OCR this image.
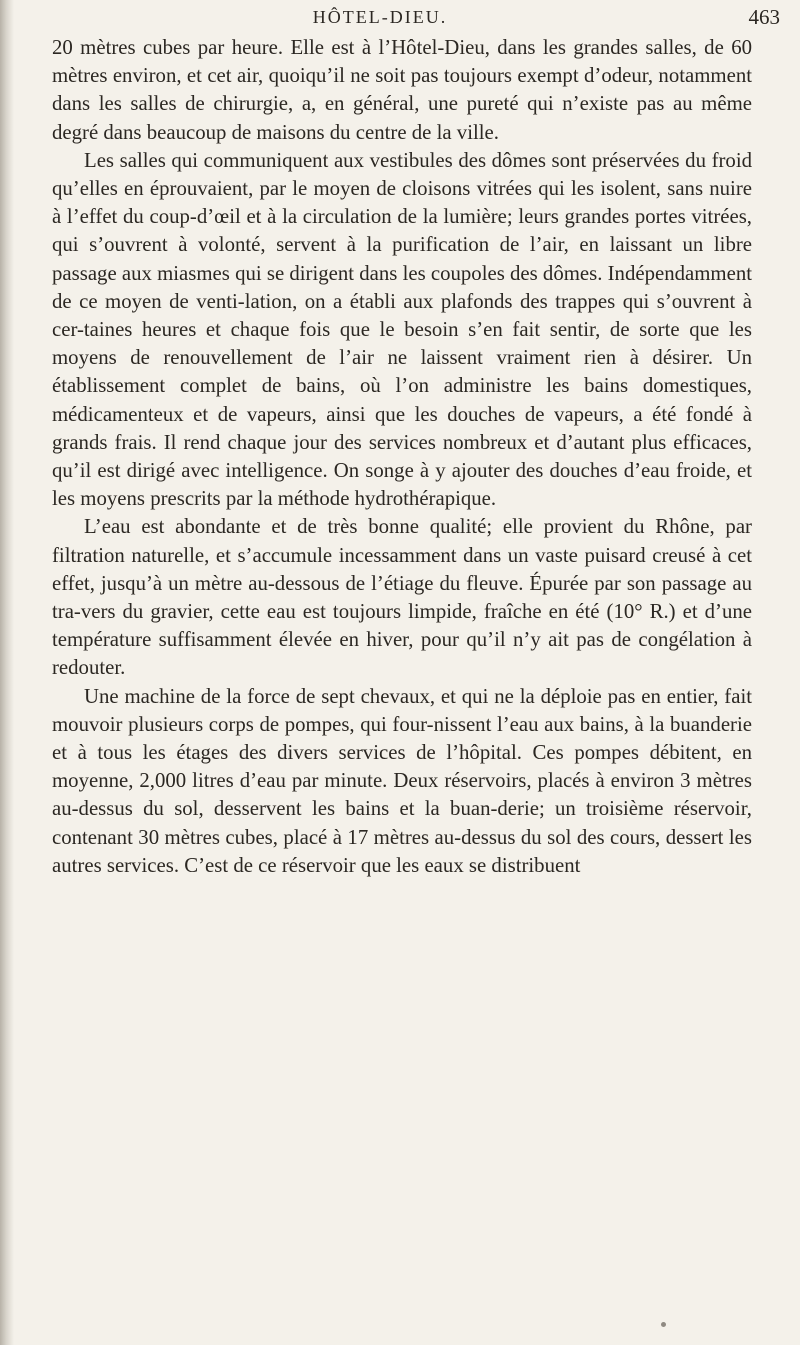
HÔTEL-DIEU.	463

20 mètres cubes par heure. Elle est à l’Hôtel-Dieu, dans les grandes salles, de 60 mètres environ, et cet air, quoiqu’il ne soit pas toujours exempt d’odeur, notamment dans les salles de chirurgie, a, en général, une pureté qui n’existe pas au même degré dans beaucoup de maisons du centre de la ville.

Les salles qui communiquent aux vestibules des dômes sont préservées du froid qu’elles en éprouvaient, par le moyen de cloisons vitrées qui les isolent, sans nuire à l’effet du coup-d’œil et à la circulation de la lumière; leurs grandes portes vitrées, qui s’ouvrent à volonté, servent à la purification de l’air, en laissant un libre passage aux miasmes qui se dirigent dans les coupoles des dômes. Indépendamment de ce moyen de venti-lation, on a établi aux plafonds des trappes qui s’ouvrent à cer-taines heures et chaque fois que le besoin s’en fait sentir, de sorte que les moyens de renouvellement de l’air ne laissent vraiment rien à désirer. Un établissement complet de bains, où l’on administre les bains domestiques, médicamenteux et de vapeurs, ainsi que les douches de vapeurs, a été fondé à grands frais. Il rend chaque jour des services nombreux et d’autant plus efficaces, qu’il est dirigé avec intelligence. On songe à y ajouter des douches d’eau froide, et les moyens prescrits par la méthode hydrothérapique.

L’eau est abondante et de très bonne qualité; elle provient du Rhône, par filtration naturelle, et s’accumule incessamment dans un vaste puisard creusé à cet effet, jusqu’à un mètre au-dessous de l’étiage du fleuve. Épurée par son passage au tra-vers du gravier, cette eau est toujours limpide, fraîche en été (10° R.) et d’une température suffisamment élevée en hiver, pour qu’il n’y ait pas de congélation à redouter.

Une machine de la force de sept chevaux, et qui ne la déploie pas en entier, fait mouvoir plusieurs corps de pompes, qui four-nissent l’eau aux bains, à la buanderie et à tous les étages des divers services de l’hôpital. Ces pompes débitent, en moyenne, 2,000 litres d’eau par minute. Deux réservoirs, placés à environ 3 mètres au-dessus du sol, desservent les bains et la buan-derie; un troisième réservoir, contenant 30 mètres cubes, placé à 17 mètres au-dessus du sol des cours, dessert les autres services. C’est de ce réservoir que les eaux se distribuent
